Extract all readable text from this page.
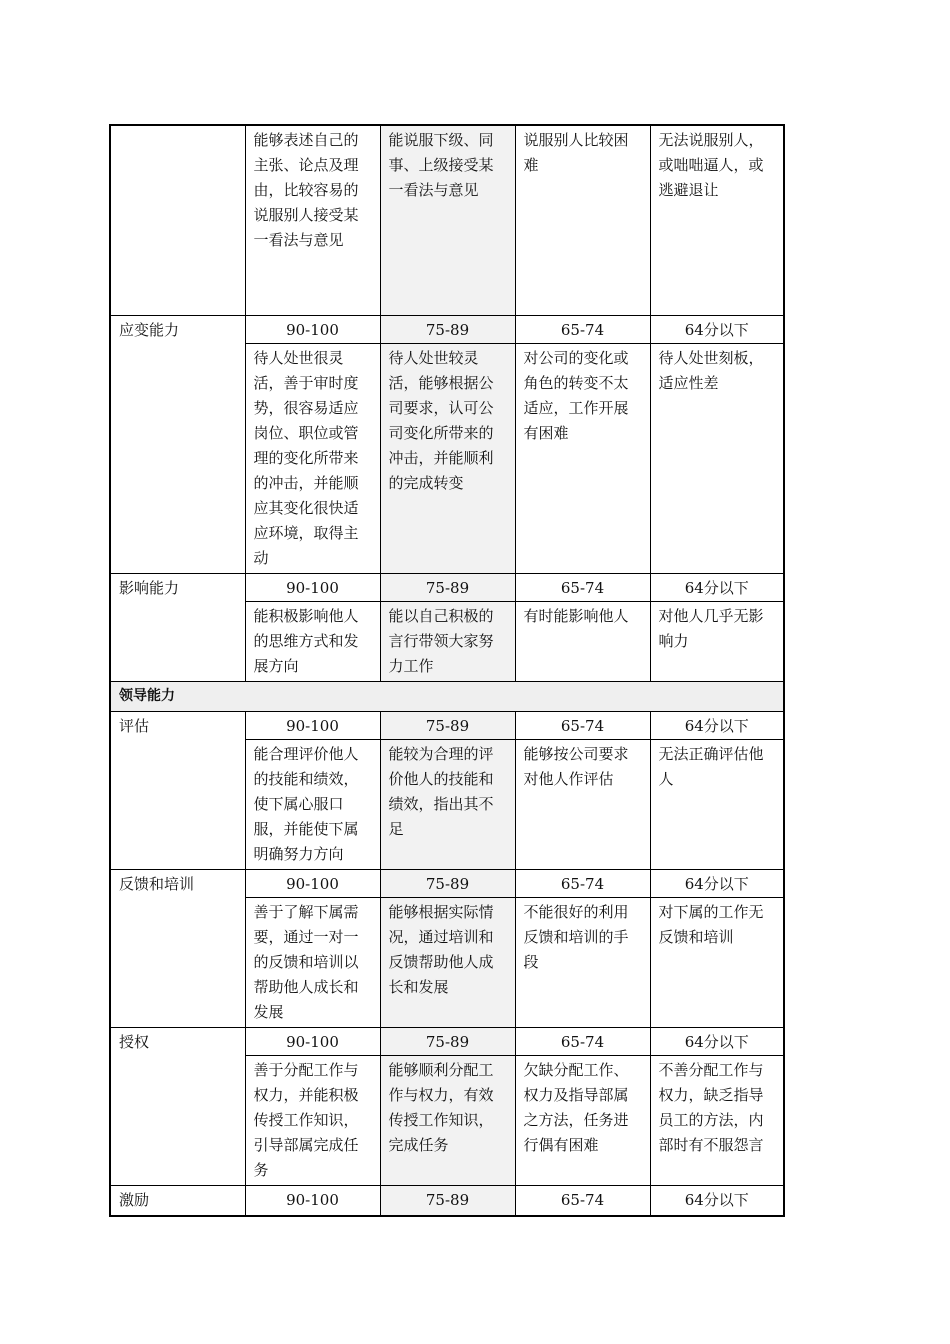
	能够表述自己的主张、论点及理由，比较容易的说服别人接受某一看法与意见	能说服下级、同事、上级接受某一看法与意见	说服别人比较困难	无法说服别人，或咄咄逼人，或逃避退让
应变能力	90-100	75-89	65-74	64分以下
	待人处世很灵活，善于审时度势，很容易适应岗位、职位或管理的变化所带来的冲击，并能顺应其变化很快适应环境，取得主动	待人处世较灵活，能够根据公司要求，认可公司变化所带来的冲击，并能顺利的完成转变	对公司的变化或角色的转变不太适应，工作开展有困难	待人处世刻板，适应性差
影响能力	90-100	75-89	65-74	64分以下
	能积极影响他人的思维方式和发展方向	能以自己积极的言行带领大家努力工作	有时能影响他人	对他人几乎无影响力
领导能力				
评估	90-100	75-89	65-74	64分以下
	能合理评价他人的技能和绩效，使下属心服口服，并能使下属明确努力方向	能较为合理的评价他人的技能和绩效，指出其不足	能够按公司要求对他人作评估	无法正确评估他人
反馈和培训	90-100	75-89	65-74	64分以下
	善于了解下属需要，通过一对一的反馈和培训以帮助他人成长和发展	能够根据实际情况，通过培训和反馈帮助他人成长和发展	不能很好的利用反馈和培训的手段	对下属的工作无反馈和培训
授权	90-100	75-89	65-74	64分以下
	善于分配工作与权力，并能积极传授工作知识，引导部属完成任务	能够顺利分配工作与权力，有效传授工作知识，完成任务	欠缺分配工作、权力及指导部属之方法，任务进行偶有困难	不善分配工作与权力，缺乏指导员工的方法，内部时有不服怨言
激励	90-100	75-89	65-74	64分以下
